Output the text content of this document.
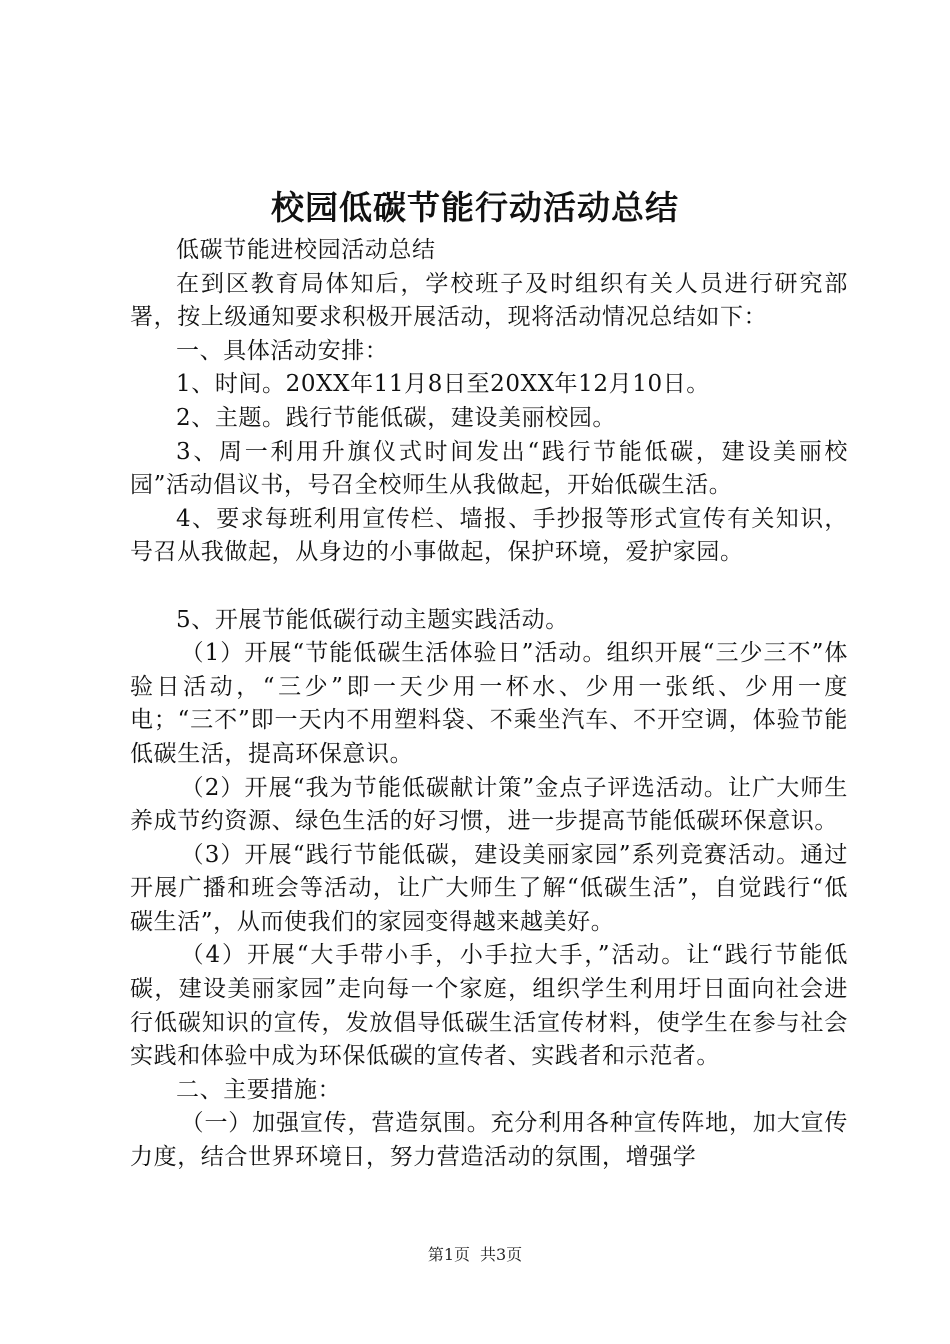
校园低碳节能行动活动总结

低碳节能进校园活动总结

在到区教育局体知后，学校班子及时组织有关人员进行研究部署，按上级通知要求积极开展活动，现将活动情况总结如下：

一、具体活动安排：

1、时间。20XX年11月8日至20XX年12月10日。

2、主题。践行节能低碳，建设美丽校园。

3、周一利用升旗仪式时间发出“践行节能低碳，建设美丽校园”活动倡议书，号召全校师生从我做起，开始低碳生活。

4、要求每班利用宣传栏、墙报、手抄报等形式宣传有关知识，号召从我做起，从身边的小事做起，保护环境，爱护家园。

5、开展节能低碳行动主题实践活动。

（1）开展“节能低碳生活体验日”活动。组织开展“三少三不”体验日活动，“三少”即一天少用一杯水、少用一张纸、少用一度电；“三不”即一天内不用塑料袋、不乘坐汽车、不开空调，体验节能低碳生活，提高环保意识。

（2）开展“我为节能低碳献计策”金点子评选活动。让广大师生养成节约资源、绿色生活的好习惯，进一步提高节能低碳环保意识。

（3）开展“践行节能低碳，建设美丽家园”系列竞赛活动。通过开展广播和班会等活动，让广大师生了解“低碳生活”，自觉践行“低碳生活”，从而使我们的家园变得越来越美好。

（4）开展“大手带小手，小手拉大手，”活动。让“践行节能低碳，建设美丽家园”走向每一个家庭，组织学生利用圩日面向社会进行低碳知识的宣传，发放倡导低碳生活宣传材料，使学生在参与社会实践和体验中成为环保低碳的宣传者、实践者和示范者。

二、主要措施：

（一）加强宣传，营造氛围。充分利用各种宣传阵地，加大宣传力度，结合世界环境日，努力营造活动的氛围，增强学

第1页 共3页
